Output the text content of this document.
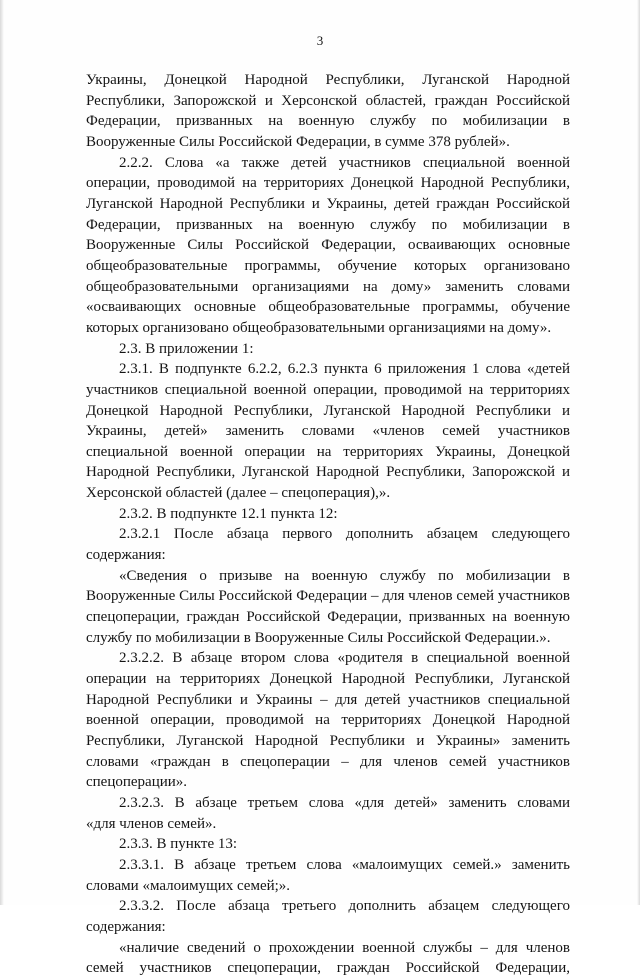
3
Украины, Донецкой Народной Республики, Луганской Народной
Республики, Запорожской и Херсонской областей, граждан Российской
Федерации, призванных на военную службу по мобилизации в
Вооруженные Силы Российской Федерации, в сумме 378 рублей».
2.2.2. Слова «а также детей участников специальной военной
операции, проводимой на территориях Донецкой Народной Республики,
Луганской Народной Республики и Украины, детей граждан Российской
Федерации, призванных на военную службу по мобилизации в
Вооруженные Силы Российской Федерации, осваивающих основные
общеобразовательные программы, обучение которых организовано
общеобразовательными организациями на дому» заменить словами
«осваивающих основные общеобразовательные программы, обучение
которых организовано общеобразовательными организациями на дому».
2.3. В приложении 1:
2.3.1. В подпункте 6.2.2, 6.2.3 пункта 6 приложения 1 слова «детей
участников специальной военной операции, проводимой на территориях
Донецкой Народной Республики, Луганской Народной Республики и
Украины, детей» заменить словами «членов семей участников
специальной военной операции на территориях Украины, Донецкой
Народной Республики, Луганской Народной Республики, Запорожской и
Херсонской областей (далее – спецоперация),».
2.3.2. В подпункте 12.1 пункта 12:
2.3.2.1 После абзаца первого дополнить абзацем следующего
содержания:
«Сведения о призыве на военную службу по мобилизации в
Вооруженные Силы Российской Федерации – для членов семей участников
спецоперации, граждан Российской Федерации, призванных на военную
службу по мобилизации в Вооруженные Силы Российской Федерации.».
2.3.2.2. В абзаце втором слова «родителя в специальной военной
операции на территориях Донецкой Народной Республики, Луганской
Народной Республики и Украины – для детей участников специальной
военной операции, проводимой на территориях Донецкой Народной
Республики, Луганской Народной Республики и Украины» заменить
словами «граждан в спецоперации – для членов семей участников
спецоперации».
2.3.2.3. В абзаце третьем слова «для детей» заменить словами
«для членов семей».
2.3.3. В пункте 13:
2.3.3.1. В абзаце третьем слова «малоимущих семей.» заменить
словами «малоимущих семей;».
2.3.3.2. После абзаца третьего дополнить абзацем следующего
содержания:
«наличие сведений о прохождении военной службы – для членов
семей участников спецоперации, граждан Российской Федерации,
